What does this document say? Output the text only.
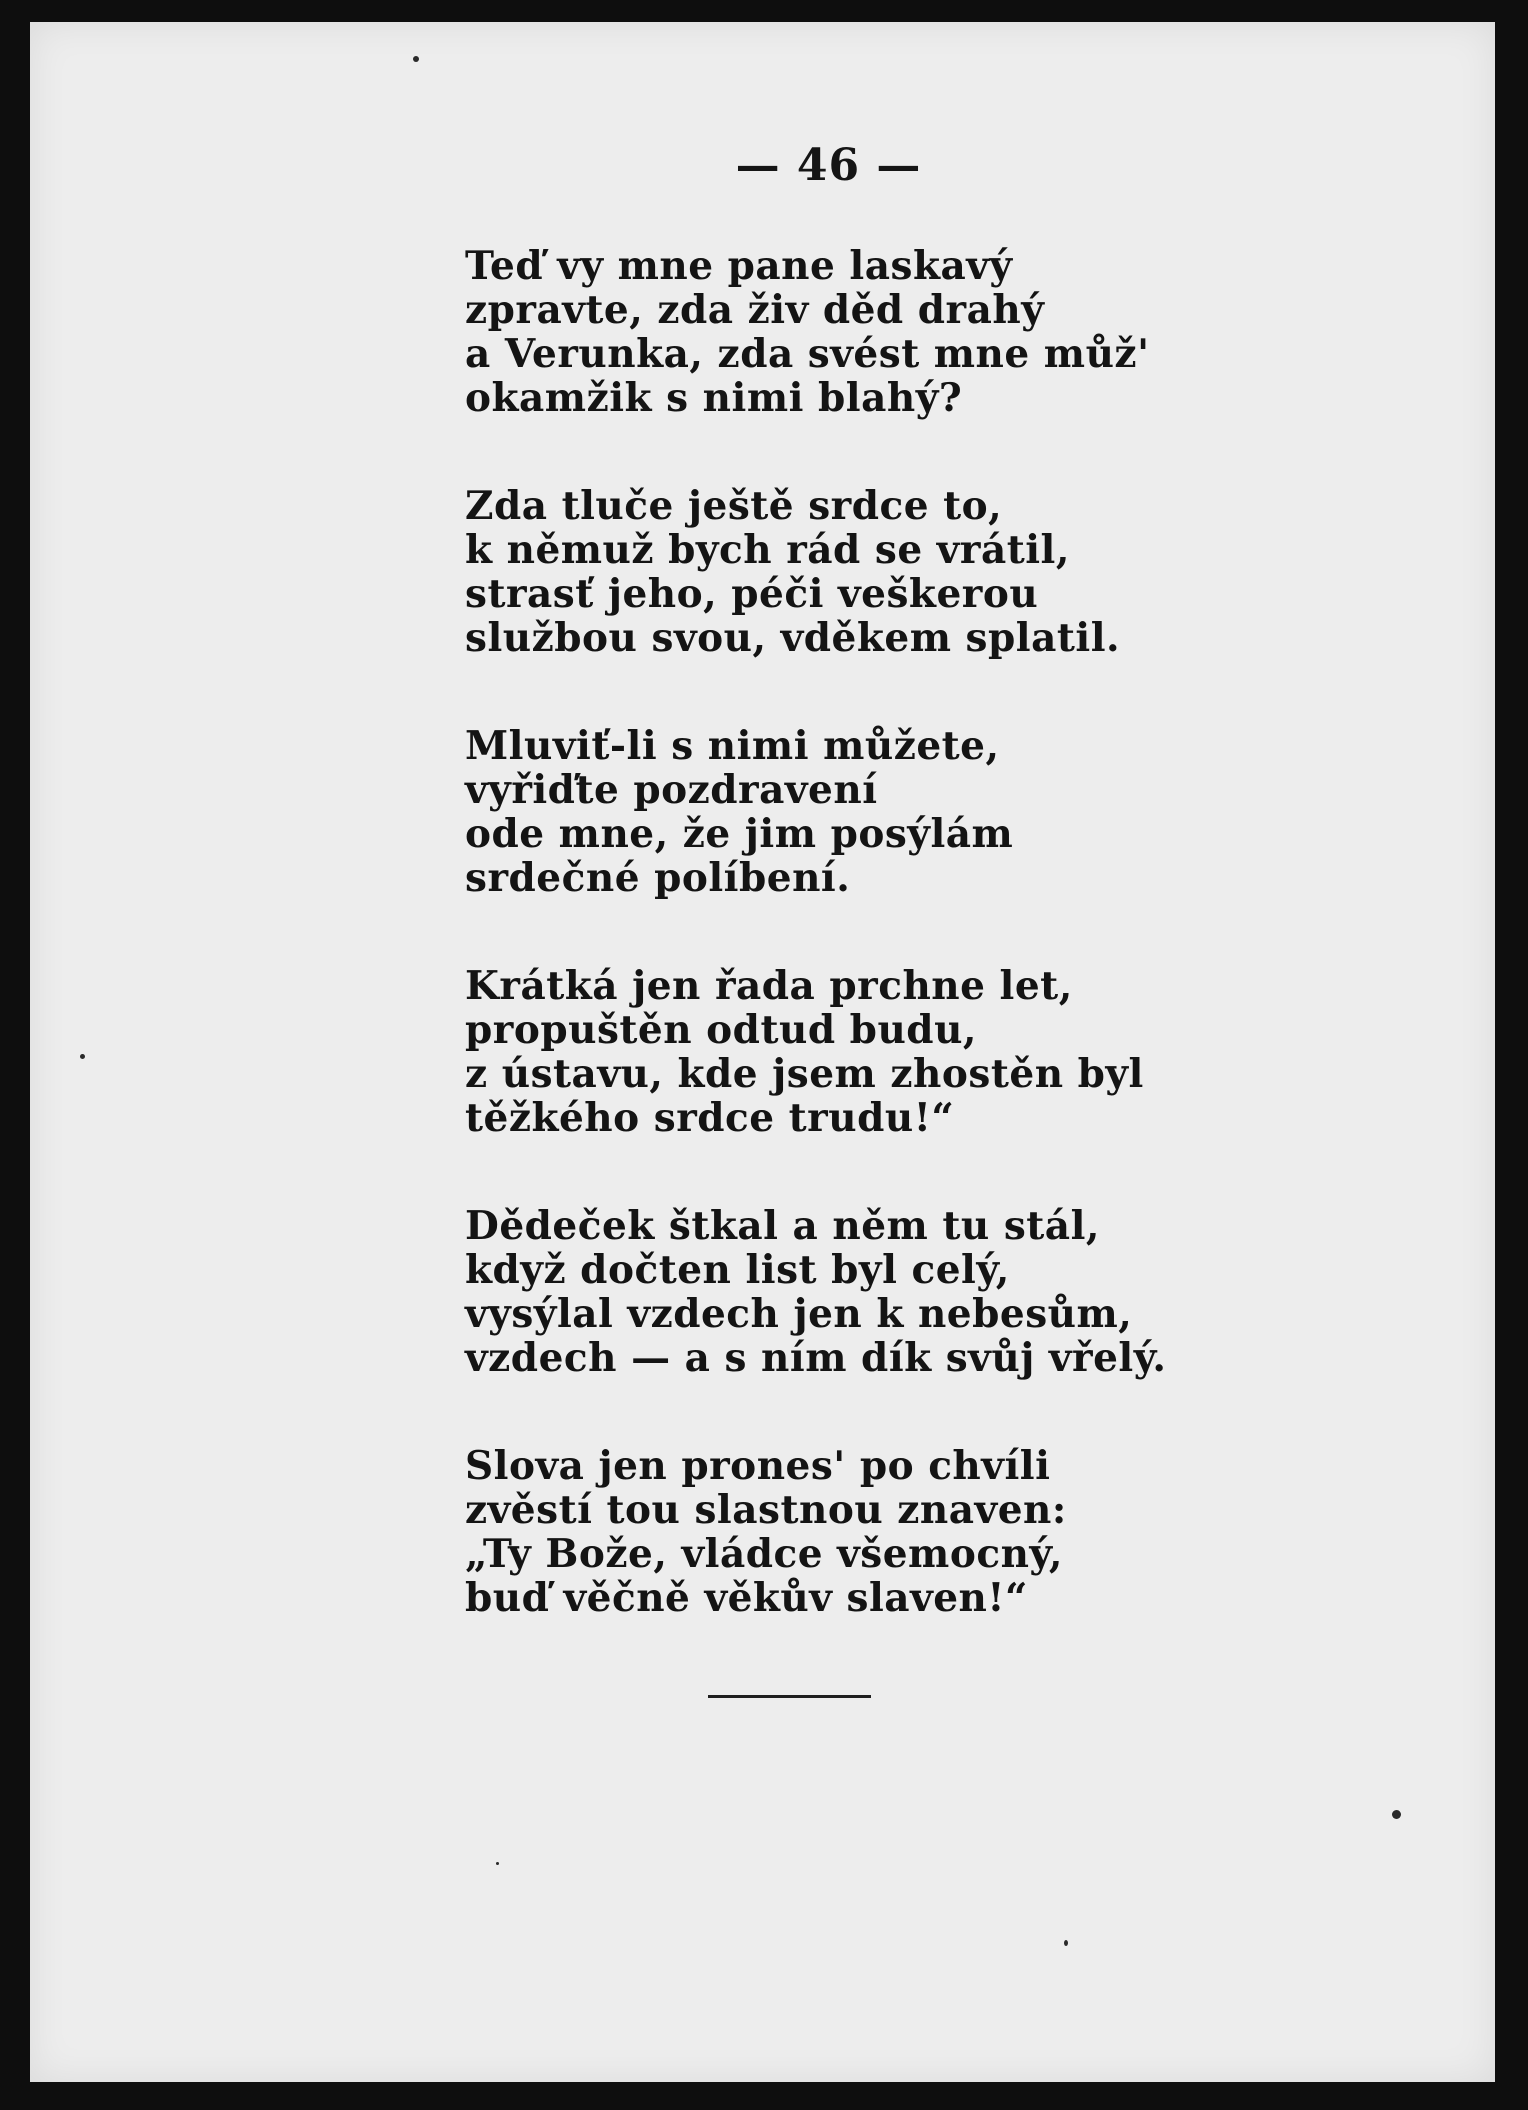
— 46 —
Teď vy mne pane laskavý
zpravte, zda živ děd drahý
a Verunka, zda svést mne můž'
okamžik s nimi blahý?
Zda tluče ještě srdce to,
k němuž bych rád se vrátil,
strasť jeho, péči veškerou
službou svou, vděkem splatil.
Mluviť-li s nimi můžete,
vyřiďte pozdravení
ode mne, že jim posýlám
srdečné políbení.
Krátká jen řada prchne let,
propuštěn odtud budu,
z ústavu, kde jsem zhostěn byl
těžkého srdce trudu!“
Dědeček štkal a něm tu stál,
když dočten list byl celý,
vysýlal vzdech jen k nebesům,
vzdech — a s ním dík svůj vřelý.
Slova jen prones' po chvíli
zvěstí tou slastnou znaven:
„Ty Bože, vládce všemocný,
buď věčně věkův slaven!“
